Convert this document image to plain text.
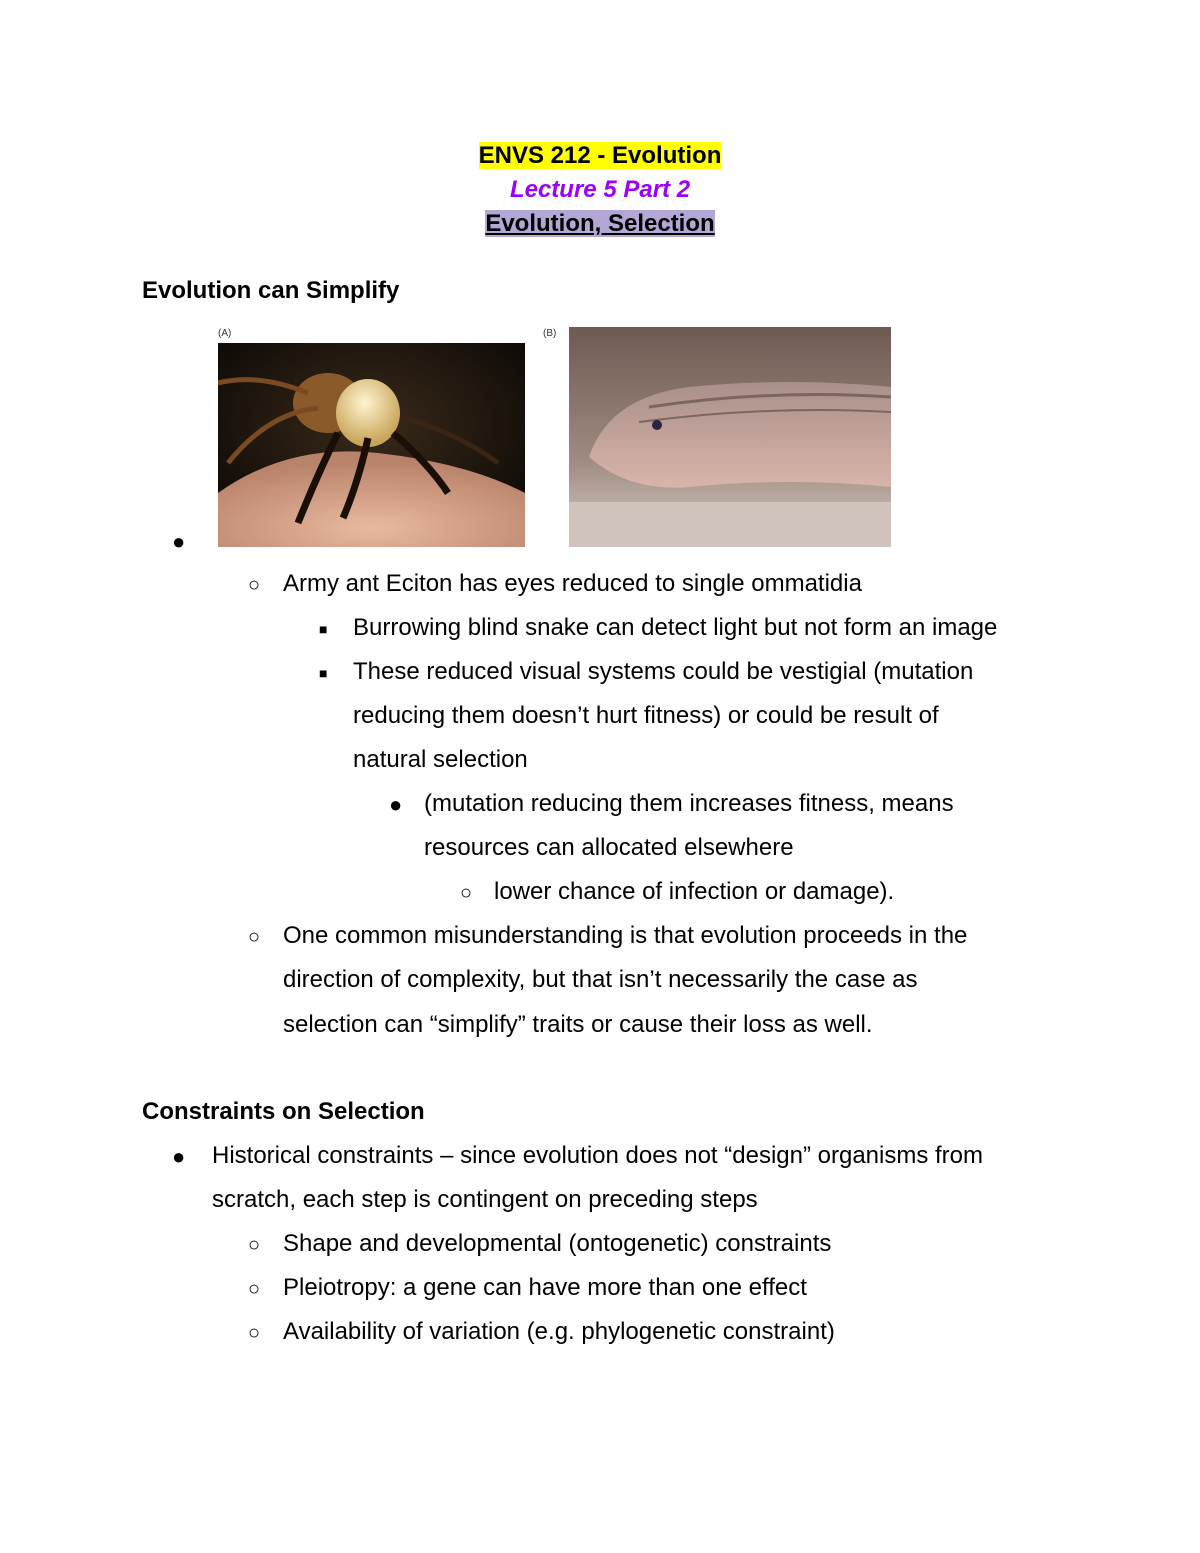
ENVS 212 - Evolution
Lecture 5 Part 2
Evolution, Selection
Evolution can Simplify
(A)	(B)
●
○ Army ant Eciton has eyes reduced to single ommatidia
■ Burrowing blind snake can detect light but not form an image
■ These reduced visual systems could be vestigial (mutation
reducing them doesn’t hurt fitness) or could be result of
natural selection
● (mutation reducing them increases fitness, means
resources can allocated elsewhere
○ lower chance of infection or damage).
○ One common misunderstanding is that evolution proceeds in the
direction of complexity, but that isn’t necessarily the case as
selection can “simplify” traits or cause their loss as well.
Constraints on Selection
● Historical constraints – since evolution does not “design” organisms from
scratch, each step is contingent on preceding steps
○ Shape and developmental (ontogenetic) constraints
○ Pleiotropy: a gene can have more than one effect
○ Availability of variation (e.g. phylogenetic constraint)
